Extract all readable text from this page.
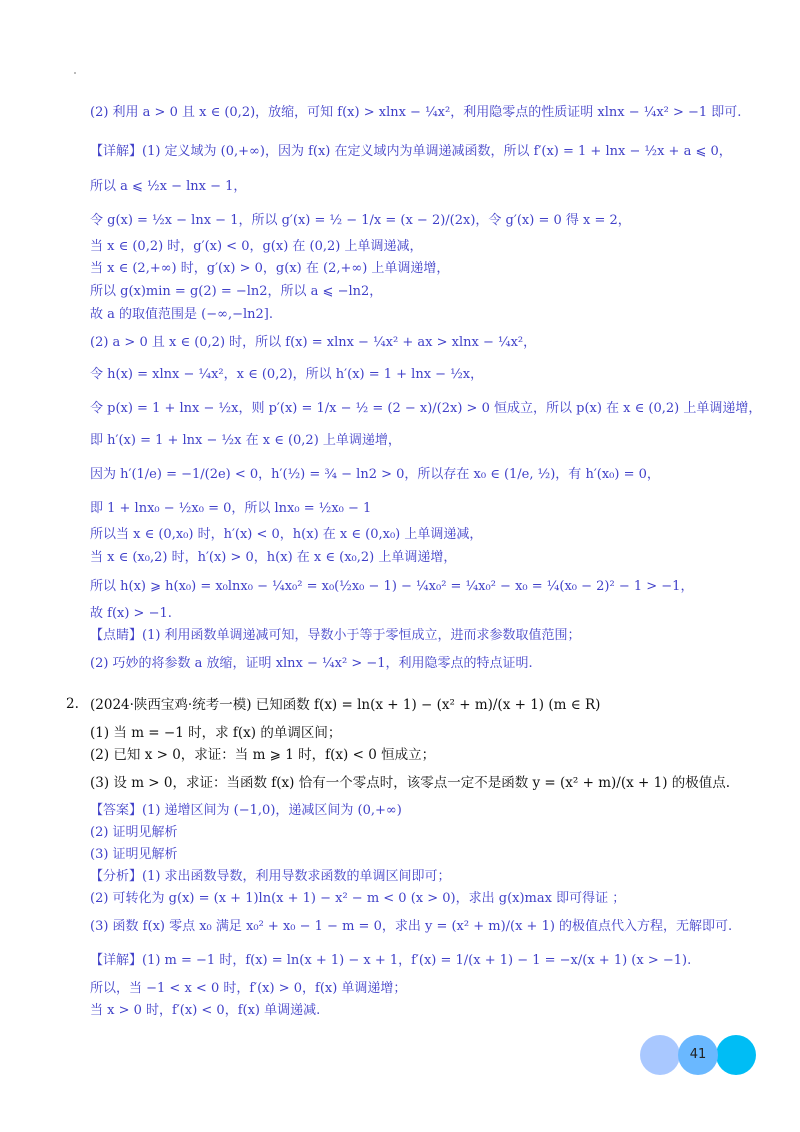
(2) 利用 a > 0 且 x ∈ (0,2)，放缩，可知 f(x) > xlnx − ¼x²，利用隐零点的性质证明 xlnx − ¼x² > −1 即可.
【详解】(1) 定义域为 (0,+∞)，因为 f(x) 在定义域内为单调递减函数，所以 f′(x) = 1 + lnx − ½x + a ⩽ 0，
所以 a ⩽ ½x − lnx − 1，
令 g(x) = ½x − lnx − 1，所以 g′(x) = ½ − 1/x = (x − 2)/(2x)，令 g′(x) = 0 得 x = 2，
当 x ∈ (0,2) 时，g′(x) < 0，g(x) 在 (0,2) 上单调递减，
当 x ∈ (2,+∞) 时，g′(x) > 0，g(x) 在 (2,+∞) 上单调递增，
所以 g(x)min = g(2) = −ln2，所以 a ⩽ −ln2，
故 a 的取值范围是 (−∞,−ln2].
(2) a > 0 且 x ∈ (0,2) 时，所以 f(x) = xlnx − ¼x² + ax > xlnx − ¼x²，
令 h(x) = xlnx − ¼x²，x ∈ (0,2)，所以 h′(x) = 1 + lnx − ½x，
令 p(x) = 1 + lnx − ½x，则 p′(x) = 1/x − ½ = (2 − x)/(2x) > 0 恒成立，所以 p(x) 在 x ∈ (0,2) 上单调递增，
即 h′(x) = 1 + lnx − ½x 在 x ∈ (0,2) 上单调递增，
因为 h′(1/e) = −1/(2e) < 0，h′(½) = ¾ − ln2 > 0，所以存在 x₀ ∈ (1/e, ½)，有 h′(x₀) = 0，
即 1 + lnx₀ − ½x₀ = 0，所以 lnx₀ = ½x₀ − 1
所以当 x ∈ (0,x₀) 时，h′(x) < 0，h(x) 在 x ∈ (0,x₀) 上单调递减，
当 x ∈ (x₀,2) 时，h′(x) > 0，h(x) 在 x ∈ (x₀,2) 上单调递增，
所以 h(x) ⩾ h(x₀) = x₀lnx₀ − ¼x₀² = x₀(½x₀ − 1) − ¼x₀² = ¼x₀² − x₀ = ¼(x₀ − 2)² − 1 > −1，
故 f(x) > −1.
【点睛】(1) 利用函数单调递减可知，导数小于等于零恒成立，进而求参数取值范围；
(2) 巧妙的将参数 a 放缩，证明 xlnx − ¼x² > −1，利用隐零点的特点证明.
2. (2024·陕西宝鸡·统考一模) 已知函数 f(x) = ln(x + 1) − (x² + m)/(x + 1) (m ∈ R)
(1) 当 m = −1 时，求 f(x) 的单调区间；
(2) 已知 x > 0，求证：当 m ⩾ 1 时，f(x) < 0 恒成立；
(3) 设 m > 0，求证：当函数 f(x) 恰有一个零点时，该零点一定不是函数 y = (x² + m)/(x + 1) 的极值点.
【答案】(1) 递增区间为 (−1,0)，递减区间为 (0,+∞)
(2) 证明见解析
(3) 证明见解析
【分析】(1) 求出函数导数，利用导数求函数的单调区间即可；
(2) 可转化为 g(x) = (x + 1)ln(x + 1) − x² − m < 0 (x > 0)，求出 g(x)max 即可得证 ；
(3) 函数 f(x) 零点 x₀ 满足 x₀² + x₀ − 1 − m = 0，求出 y = (x² + m)/(x + 1) 的极值点代入方程，无解即可.
【详解】(1) m = −1 时，f(x) = ln(x + 1) − x + 1，f′(x) = 1/(x + 1) − 1 = −x/(x + 1) (x > −1).
所以，当 −1 < x < 0 时，f′(x) > 0，f(x) 单调递增；
当 x > 0 时，f′(x) < 0，f(x) 单调递减.
41
